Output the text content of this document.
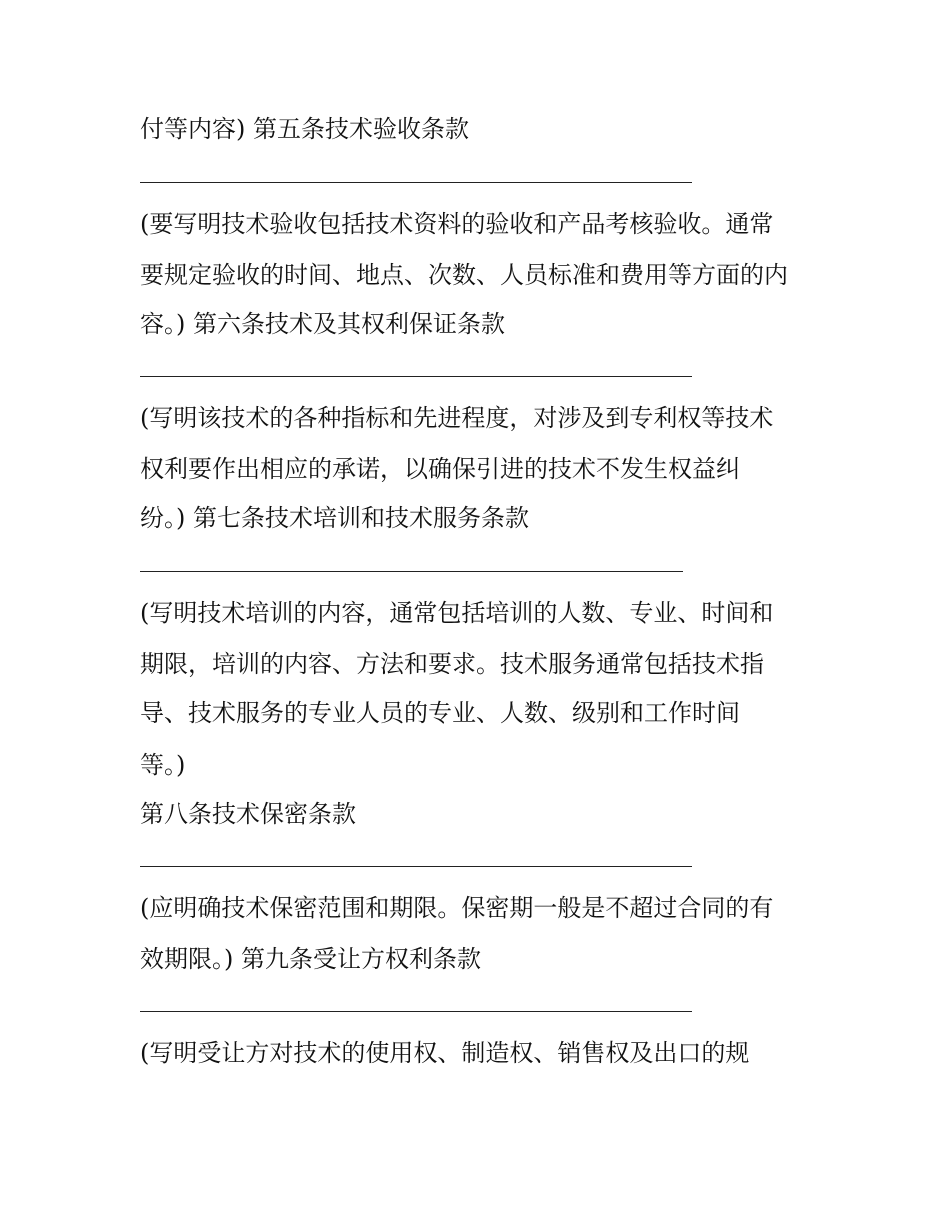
付等内容) 第五条技术验收条款
(要写明技术验收包括技术资料的验收和产品考核验收。通常
要规定验收的时间、地点、次数、人员标准和费用等方面的内
容。) 第六条技术及其权利保证条款
(写明该技术的各种指标和先进程度，对涉及到专利权等技术
权利要作出相应的承诺，以确保引进的技术不发生权益纠
纷。) 第七条技术培训和技术服务条款
(写明技术培训的内容，通常包括培训的人数、专业、时间和
期限，培训的内容、方法和要求。技术服务通常包括技术指
导、技术服务的专业人员的专业、人数、级别和工作时间
等。)
第八条技术保密条款
(应明确技术保密范围和期限。保密期一般是不超过合同的有
效期限。) 第九条受让方权利条款
(写明受让方对技术的使用权、制造权、销售权及出口的规
